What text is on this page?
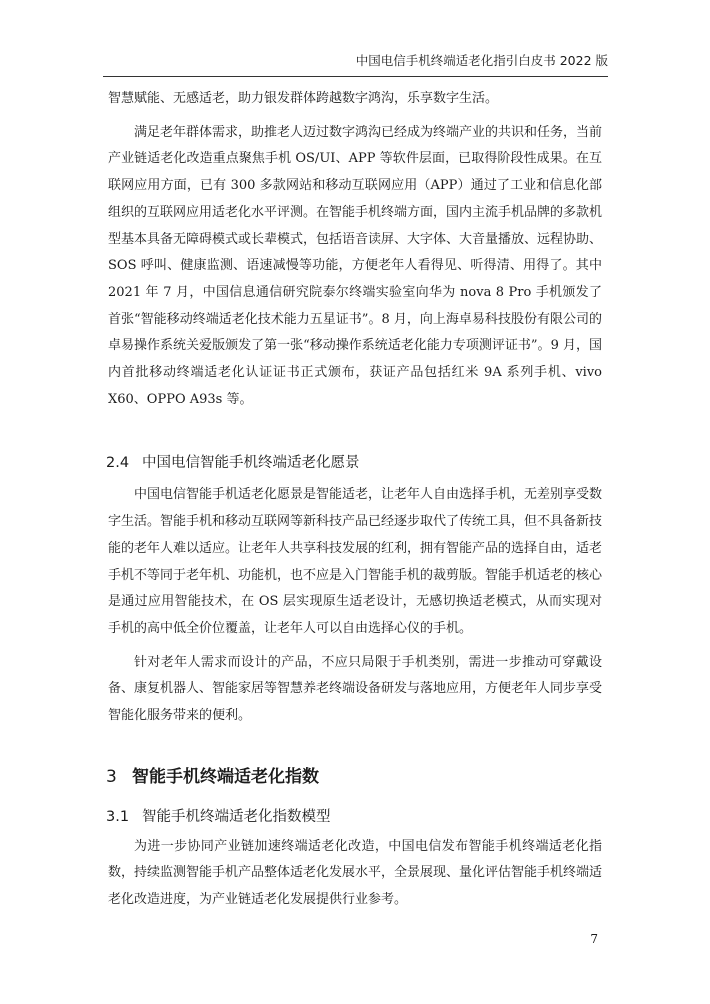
中国电信手机终端适老化指引白皮书 2022 版

智慧赋能、无感适老，助力银发群体跨越数字鸿沟，乐享数字生活。

满足老年群体需求，助推老人迈过数字鸿沟已经成为终端产业的共识和任务，当前产业链适老化改造重点聚焦手机 OS/UI、APP 等软件层面，已取得阶段性成果。在互联网应用方面，已有 300 多款网站和移动互联网应用（APP）通过了工业和信息化部组织的互联网应用适老化水平评测。在智能手机终端方面，国内主流手机品牌的多款机型基本具备无障碍模式或长辈模式，包括语音读屏、大字体、大音量播放、远程协助、SOS 呼叫、健康监测、语速减慢等功能，方便老年人看得见、听得清、用得了。其中 2021 年 7 月，中国信息通信研究院泰尔终端实验室向华为 nova 8 Pro 手机颁发了首张“智能移动终端适老化技术能力五星证书”。8 月，向上海卓易科技股份有限公司的卓易操作系统关爱版颁发了第一张“移动操作系统适老化能力专项测评证书”。9 月，国内首批移动终端适老化认证证书正式颁布，获证产品包括红米 9A 系列手机、vivo X60、OPPO A93s 等。

2.4 中国电信智能手机终端适老化愿景

中国电信智能手机适老化愿景是智能适老，让老年人自由选择手机，无差别享受数字生活。智能手机和移动互联网等新科技产品已经逐步取代了传统工具，但不具备新技能的老年人难以适应。让老年人共享科技发展的红利，拥有智能产品的选择自由，适老手机不等同于老年机、功能机，也不应是入门智能手机的裁剪版。智能手机适老的核心是通过应用智能技术，在 OS 层实现原生适老设计，无感切换适老模式，从而实现对手机的高中低全价位覆盖，让老年人可以自由选择心仪的手机。

针对老年人需求而设计的产品，不应只局限于手机类别，需进一步推动可穿戴设备、康复机器人、智能家居等智慧养老终端设备研发与落地应用，方便老年人同步享受智能化服务带来的便利。

3 智能手机终端适老化指数
3.1 智能手机终端适老化指数模型

为进一步协同产业链加速终端适老化改造，中国电信发布智能手机终端适老化指数，持续监测智能手机产品整体适老化发展水平，全景展现、量化评估智能手机终端适老化改造进度，为产业链适老化发展提供行业参考。

7
